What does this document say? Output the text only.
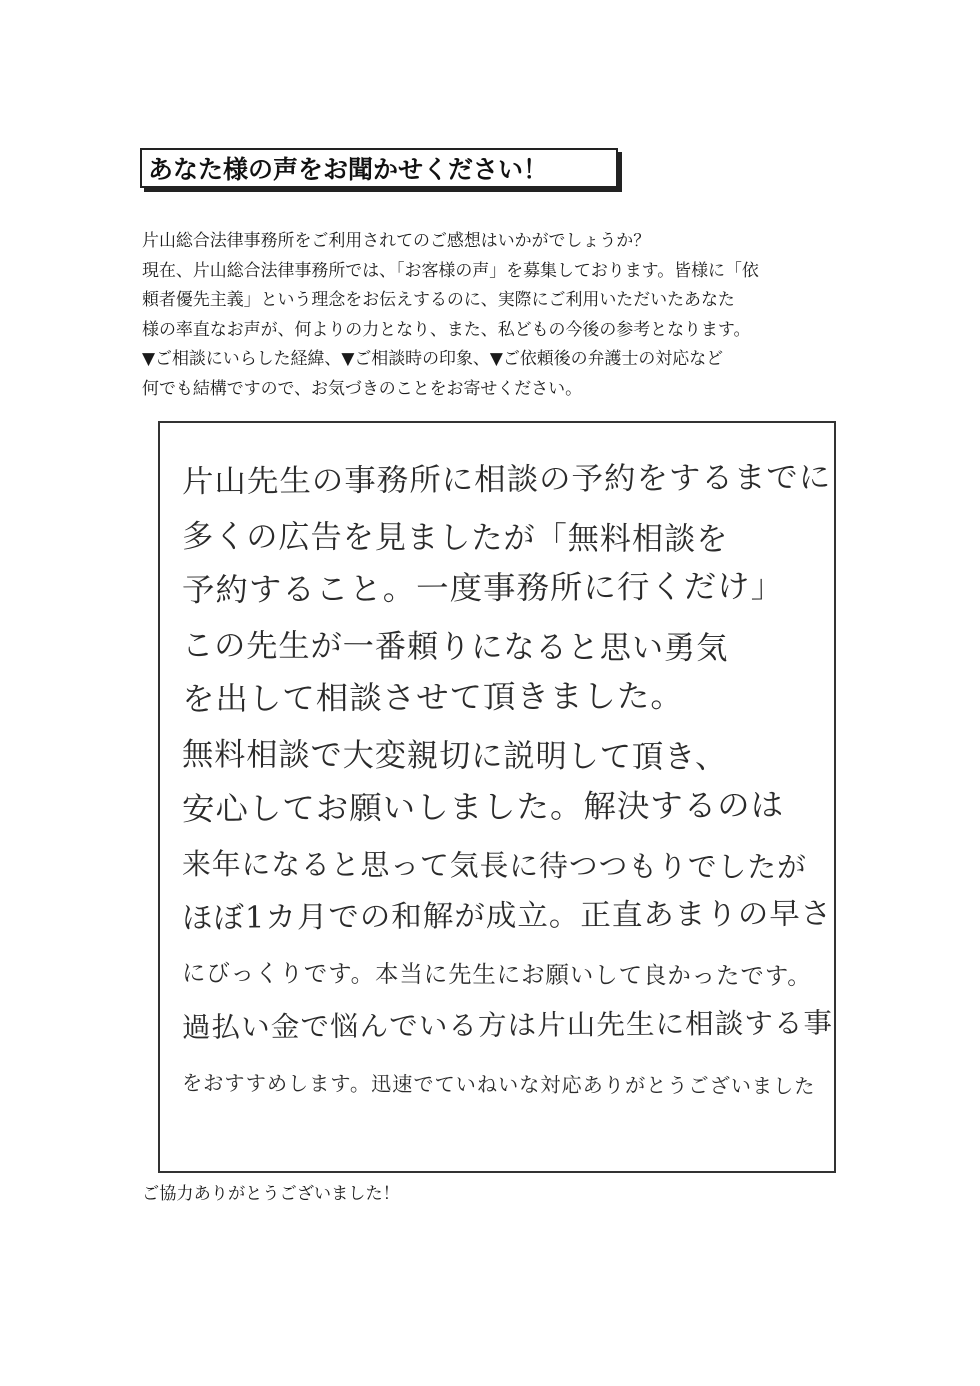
あなた様の声をお聞かせください！
片山総合法律事務所をご利用されてのご感想はいかがでしょうか？
現在、片山総合法律事務所では、「お客様の声」を募集しております。皆様に「依
頼者優先主義」という理念をお伝えするのに、実際にご利用いただいたあなた
様の率直なお声が、何よりの力となり、また、私どもの今後の参考となります。
▼ご相談にいらした経緯、▼ご相談時の印象、▼ご依頼後の弁護士の対応など
何でも結構ですので、お気づきのことをお寄せください。
片山先生の事務所に相談の予約をするまでに
多くの広告を見ましたが「無料相談を
予約すること。一度事務所に行くだけ」
この先生が一番頼りになると思い勇気
を出して相談させて頂きました。
無料相談で大変親切に説明して頂き、
安心してお願いしました。解決するのは
来年になると思って気長に待つつもりでしたが
ほぼ1カ月での和解が成立。正直あまりの早さ
にびっくりです。本当に先生にお願いして良かったです。
過払い金で悩んでいる方は片山先生に相談する事
をおすすめします。迅速でていねいな対応ありがとうございました
ご協力ありがとうございました！
